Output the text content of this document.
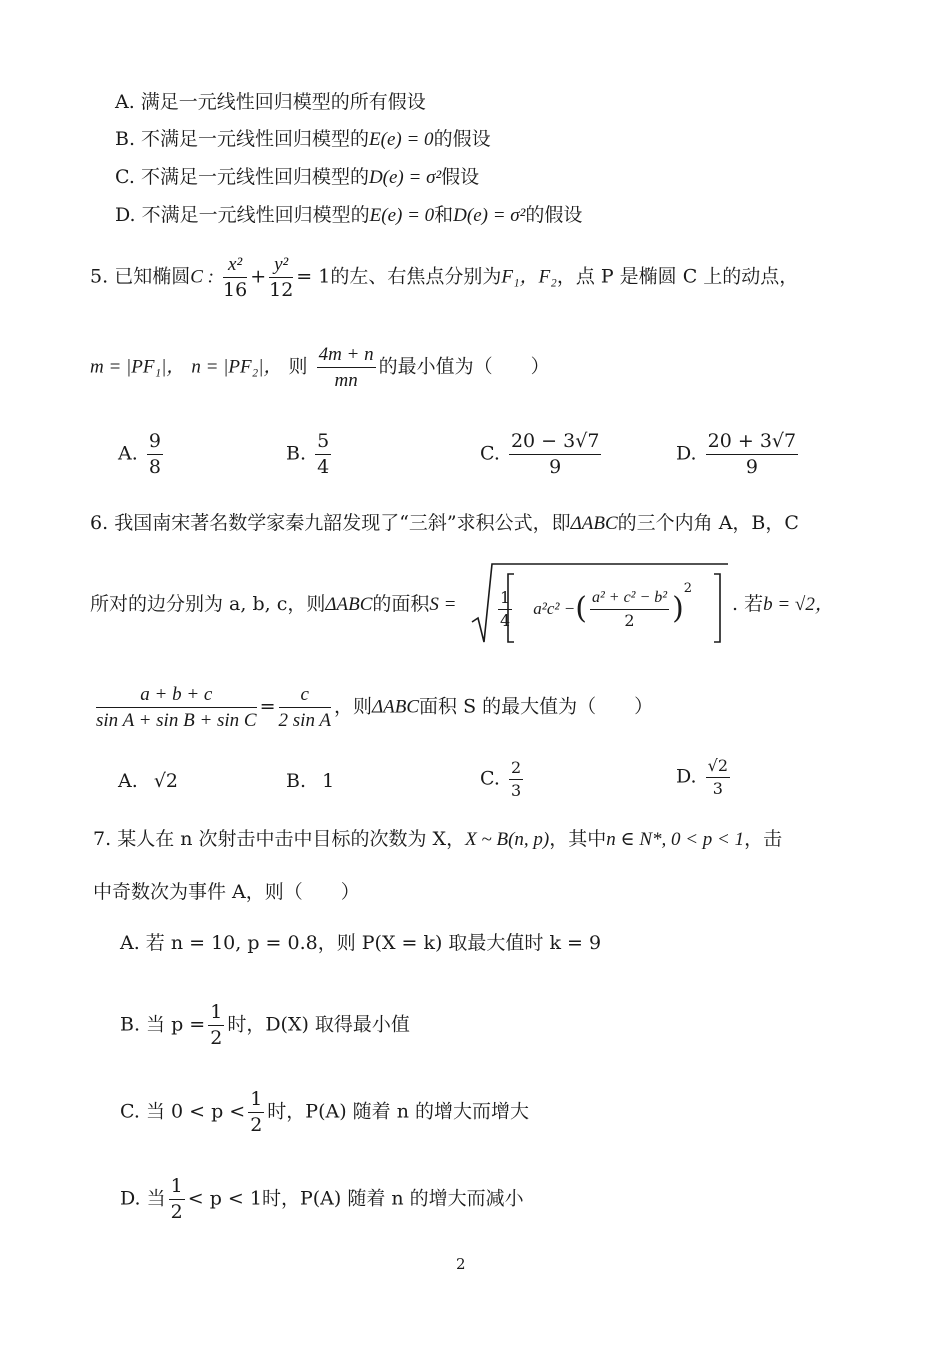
A. 满足一元线性回归模型的所有假设
B. 不满足一元线性回归模型的E(e) = 0的假设
C. 不满足一元线性回归模型的D(e) = σ²假设
D. 不满足一元线性回归模型的E(e) = 0和D(e) = σ²的假设
5. 已知椭圆C : $\frac{\text{x²}}{16} + \frac{\text{y²}}{12} = 1$的左、右焦点分别为F₁，F₂，点 P 是椭圆 C 上的动点，
m = |PF₁|， n = |PF₂|， 则 $\frac{4m + n}{mn}$ 的最小值为（　　）
A. $\frac{9}{8}$	B. $\frac{5}{4}$	C. $\frac{20 - 3√7}{9}$	D. $\frac{20 + 3√7}{9}$
6. 我国南宋著名数学家秦九韶发现了“三斜”求积公式，即ΔABC的三个内角 A，B，C
所对的边分别为 a, b, c，则ΔABC的面积S =	$\frac{1}{4} a^2c^2$ −( $\frac{\text{a² + c² − b²}}{2} )^2$
. 若b = √2，
$\frac{a + b + c}{\text{sin A + sin B + sin C}} = \frac{c}{\text{2 sin A}}$ ，则ΔABC面积 S 的最大值为（　　）
A. √2	B. 1	C. $\frac{2}{3}$	D. $\frac{√2}{3}$
7. 某人在 n 次射击中击中目标的次数为 X，X ~ B(n, p)，其中n ∈ N*, 0 < p < 1，击
中奇数次为事件 A，则（　　）
A. 若 n = 10, p = 0.8，则 P(X = k) 取最大值时 k = 9
B. 当 $p = \frac{1}{2}$ 时，D(X) 取得最小值
C. 当 $0 < p < \frac{1}{2}$ 时，P(A) 随着 n 的增大而增大
D. 当 $\frac{1}{2} < p < 1$时，P(A) 随着 n 的增大而减小
2
